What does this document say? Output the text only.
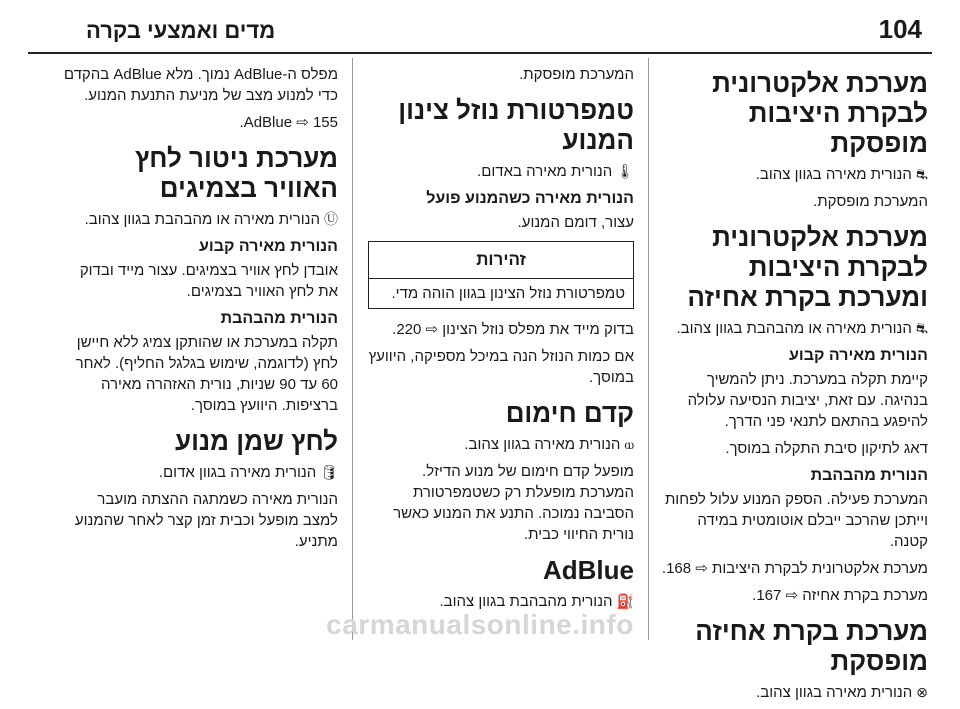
104
מדים ואמצעי בקרה
מערכת אלקטרונית לבקרת היציבות מופסקת
⛐הנורית מאירה בגוון צהוב.
המערכת מופסקת.
מערכת אלקטרונית לבקרת היציבות ומערכת בקרת אחיזה
⛐הנורית מאירה או מהבהבת בגוון צהוב.
הנורית מאירה קבוע
קיימת תקלה במערכת. ניתן להמשיך בנהיגה. עם זאת, יציבות הנסיעה עלולה להיפגע בהתאם לתנאי פני הדרך.
דאג לתיקון סיבת התקלה במוסך.
הנורית מהבהבת
המערכת פעילה. הספק המנוע עלול לפחות וייתכן שהרכב ייבלם אוטומטית במידה קטנה.
מערכת אלקטרונית לבקרת היציבות ⇨ 168.
מערכת בקרת אחיזה ⇨ 167.
מערכת בקרת אחיזה מופסקת
⊗הנורית מאירה בגוון צהוב.
המערכת מופסקת.
טמפרטורת נוזל צינון המנוע
🌡הנורית מאירה באדום.
הנורית מאירה כשהמנוע פועל
עצור, דומם המנוע.
זהירות
טמפרטורת נוזל הצינון בגוון הוהה מדי.
בדוק מייד את מפלס נוזל הצינון ⇨ 220.
אם כמות הנוזל הנה במיכל מספיקה, היוועץ במוסך.
קדם חימום
ⲱהנורית מאירה בגוון צהוב.
מופעל קדם חימום של מנוע הדיזל. המערכת מופעלת רק כשטמפרטורת הסביבה נמוכה. התנע את המנוע כאשר נורית החיווי כבית.
AdBlue
⛽הנורית מהבהבת בגוון צהוב.
מפלס ה-AdBlue נמוך. מלא AdBlue בהקדם כדי למנוע מצב של מניעת התנעת המנוע.
AdBlue ⇨ 155.
מערכת ניטור לחץ האוויר בצמיגים
Ⓤהנורית מאירה או מהבהבת בגוון צהוב.
הנורית מאירה קבוע
אובדן לחץ אוויר בצמיגים. עצור מייד ובדוק את לחץ האוויר בצמיגים.
הנורית מהבהבת
תקלה במערכת או שהותקן צמיג ללא חיישן לחץ (לדוגמה, שימוש בגלגל החליף). לאחר 60 עד 90 שניות, נורית האזהרה מאירה ברציפות. היוועץ במוסך.
לחץ שמן מנוע
🛢הנורית מאירה בגוון אדום.
הנורית מאירה כשמתגה ההצתה מועבר למצב מופעל וכבית זמן קצר לאחר שהמנוע מתניע.
carmanualsonline.info
